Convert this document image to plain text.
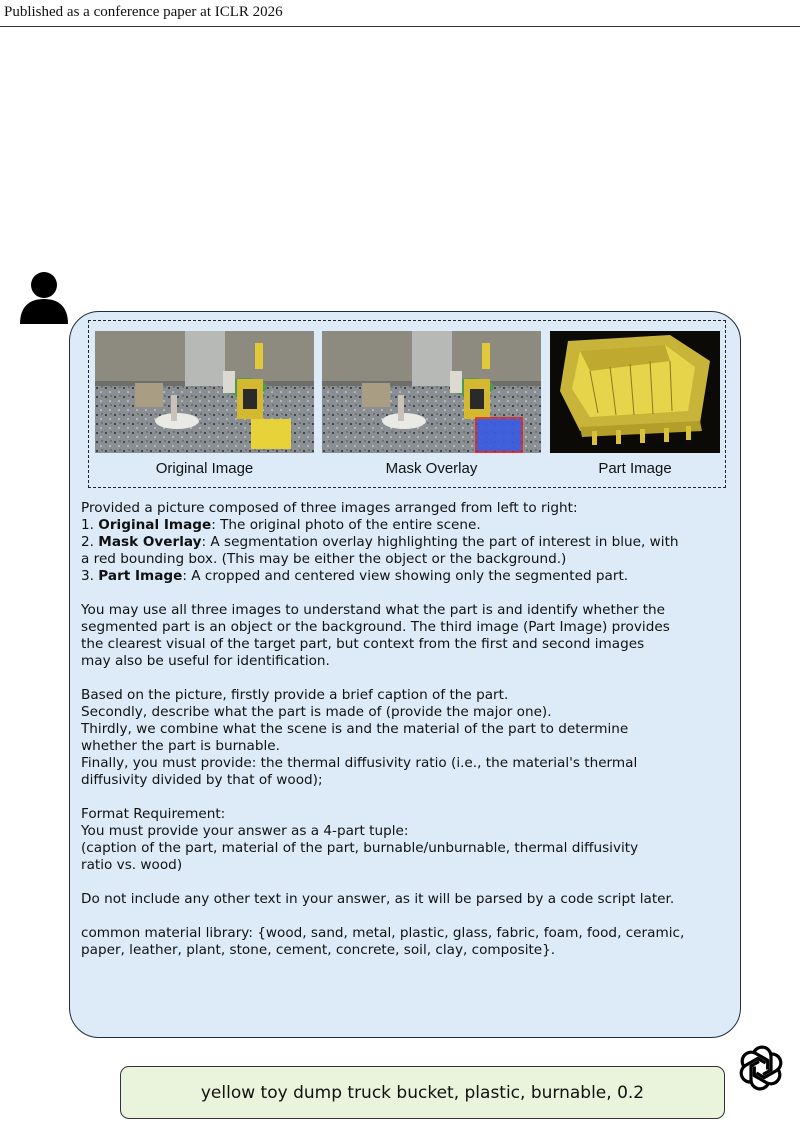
Published as a conference paper at ICLR 2026
Original Image	Mask Overlay	Part Image

Provided a picture composed of three images arranged from left to right:

1. Original Image: The original photo of the entire scene.

2. Mask Overlay: A segmentation overlay highlighting the part of interest in blue, with

a red bounding box. (This may be either the object or the background.)

3. Part Image: A cropped and centered view showing only the segmented part.

You may use all three images to understand what the part is and identify whether the

segmented part is an object or the background. The third image (Part Image) provides

the clearest visual of the target part, but context from the first and second images

may also be useful for identification.

Based on the picture, firstly provide a brief caption of the part.

Secondly, describe what the part is made of (provide the major one).

Thirdly, we combine what the scene is and the material of the part to determine

whether the part is burnable.

Finally, you must provide: the thermal diffusivity ratio (i.e., the material's thermal

diffusivity divided by that of wood);

Format Requirement:

You must provide your answer as a 4-part tuple:

(caption of the part, material of the part, burnable/unburnable, thermal diffusivity

ratio vs. wood)

Do not include any other text in your answer, as it will be parsed by a code script later.

common material library: {wood, sand, metal, plastic, glass, fabric, foam, food, ceramic,

paper, leather, plant, stone, cement, concrete, soil, clay, composite}.

yellow toy dump truck bucket, plastic, burnable, 0.2
